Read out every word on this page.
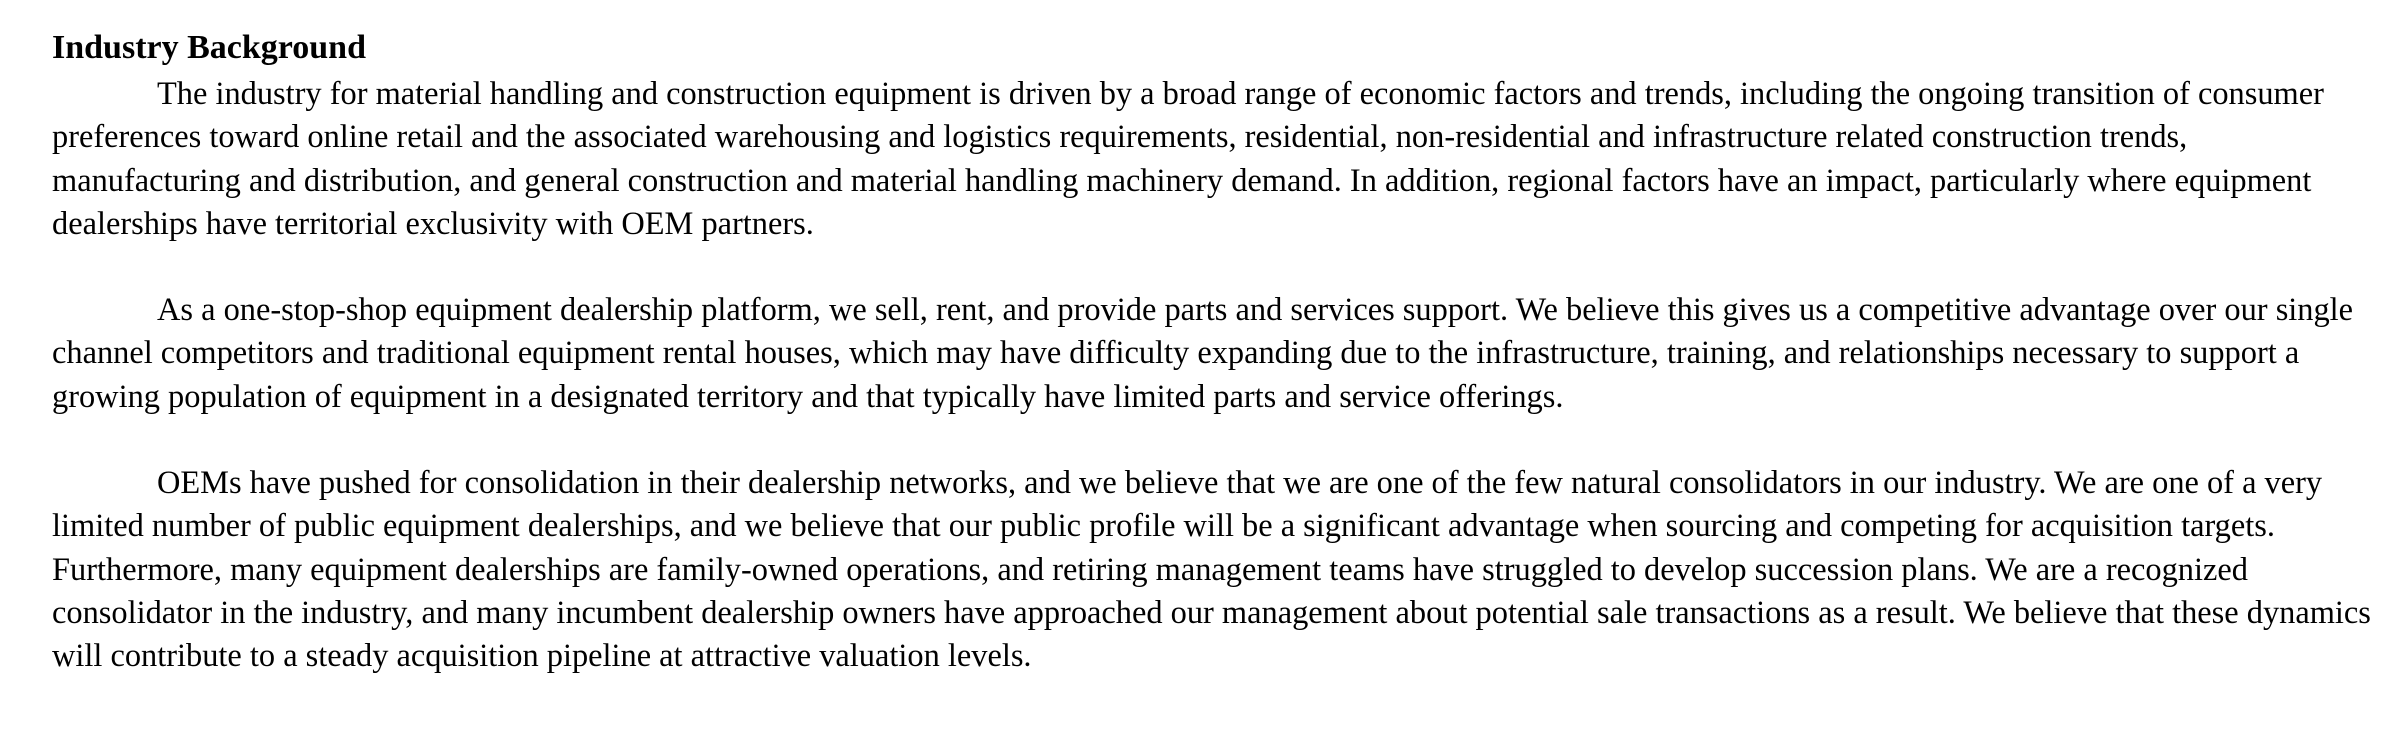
Industry Background

The industry for material handling and construction equipment is driven by a broad range of economic factors and trends, including the ongoing transition of consumer preferences toward online retail and the associated warehousing and logistics requirements, residential, non-residential and infrastructure related construction trends, manufacturing and distribution, and general construction and material handling machinery demand. In addition, regional factors have an impact, particularly where equipment dealerships have territorial exclusivity with OEM partners.

As a one-stop-shop equipment dealership platform, we sell, rent, and provide parts and services support. We believe this gives us a competitive advantage over our single channel competitors and traditional equipment rental houses, which may have difficulty expanding due to the infrastructure, training, and relationships necessary to support a growing population of equipment in a designated territory and that typically have limited parts and service offerings.

OEMs have pushed for consolidation in their dealership networks, and we believe that we are one of the few natural consolidators in our industry. We are one of a very limited number of public equipment dealerships, and we believe that our public profile will be a significant advantage when sourcing and competing for acquisition targets. Furthermore, many equipment dealerships are family-owned operations, and retiring management teams have struggled to develop succession plans. We are a recognized consolidator in the industry, and many incumbent dealership owners have approached our management about potential sale transactions as a result. We believe that these dynamics will contribute to a steady acquisition pipeline at attractive valuation levels.
